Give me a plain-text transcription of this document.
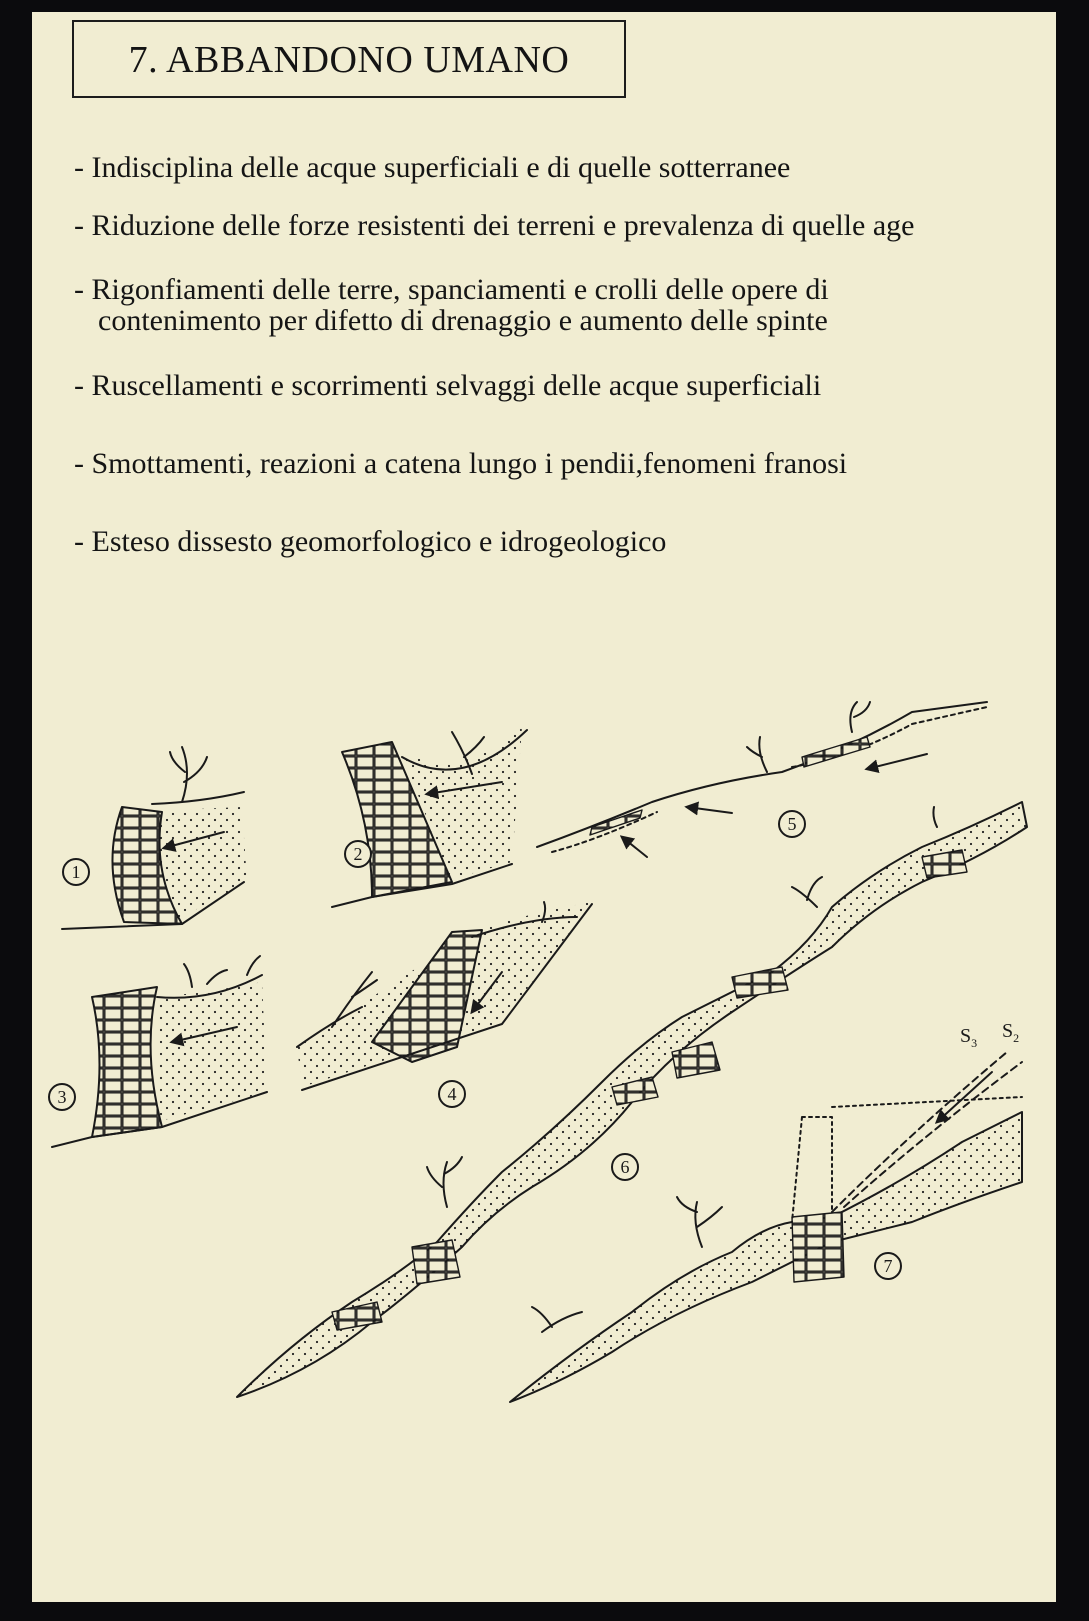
7. ABBANDONO UMANO
- Indisciplina delle acque superficiali e di quelle sotterranee
- Riduzione delle forze resistenti dei terreni e prevalenza di quelle age
- Rigonfiamenti delle terre, spanciamenti e crolli delle opere di
contenimento per difetto di drenaggio e aumento delle spinte
- Ruscellamenti e scorrimenti selvaggi delle acque superficiali
- Smottamenti, reazioni a catena lungo i pendii,fenomeni franosi
- Esteso dissesto geomorfologico e idrogeologico
1
2
3	4
5
6
7
$S_3$
$S_2$
